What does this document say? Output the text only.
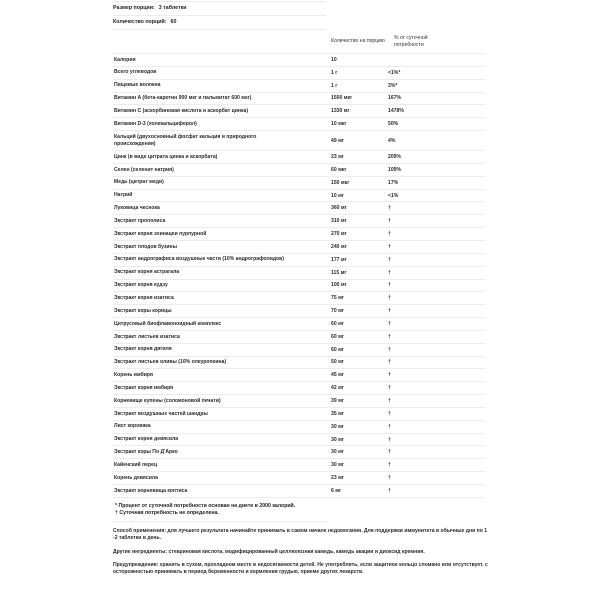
Размер порции: 3 таблетки
Количество порций: 60
Количество на порцию
% от суточной потребности
Калории	10
Всего углеводов	1 г	<1%*
Пищевые волокна	1 г	3%*
Витамин A (бета-каротин 900 мкг и пальмитат 600 мкг)	1500 мкг	167%
Витамин C (аскорбиновая кислота и аскорбат цинка)	1330 мг	1478%
Витамин D-3 (холекальциферол)	10 мкг	50%
Кальций (двухосновный фосфат кальция и природного происхождения)	49 мг	4%
Цинк (в виде цитрата цинка и аскорбата)	23 мг	209%
Селен (селенит натрия)	60 мкг	109%
Медь (цитрат меди)	150 мкг	17%
Натрий	10 мг	<1%
Луковица чеснока	360 мг	†
Экстракт прополиса	310 мг	†
Экстракт корня эхинацеи пурпурной	270 мг	†
Экстракт плодов бузины	240 мг	†
Экстракт андрографиса воздушные части (10% андрографолидов)	177 мг	†
Экстракт корня астрагала	115 мг	†
Экстракт корня кудзу	100 мг	†
Экстракт корня изатиса	75 мг	†
Экстракт коры корицы	70 мг	†
Цитрусовый биофлавоноидный комплекс	60 мг	†
Экстракт листьев изатиса	60 мг	†
Экстракт корня дягиля	60 мг	†
Экстракт листьев оливы (10% олеуропеина)	50 мг	†
Корень имбиря	45 мг	†
Экстракт корня имбиря	42 мг	†
Корневище купены (соломоновой печати)	39 мг	†
Экстракт воздушных частей шандры	35 мг	†
Лист коровяка	30 мг	†
Экстракт корня девясила	30 мг	†
Экстракт коры По Д'Арко	30 мг	†
Кайенский перец	30 мг	†
Корень девясила	23 мг	†
Экстракт корневища коптиса	6 мг	†
* Процент от суточной потребности основан на диете в 2000 калорий.
† Суточная потребность не определена.
Способ применения: для лучшего результата начинайте принимать в самом начале недомогания. Для поддержки иммунитета в обычные дни по 1 -2 таблетки в день.
Другие ингредиенты: стеариновая кислота, модифицированный целлюлозная камедь, камедь акации и диоксид кремния.
Предупреждения: хранить в сухом, прохладном месте в недосягаемости детей. Не употреблять, если защитное кольцо сломано или отсутствует. с осторожностью принимать в период беременности и кормления грудью, приеме других лекарств.
